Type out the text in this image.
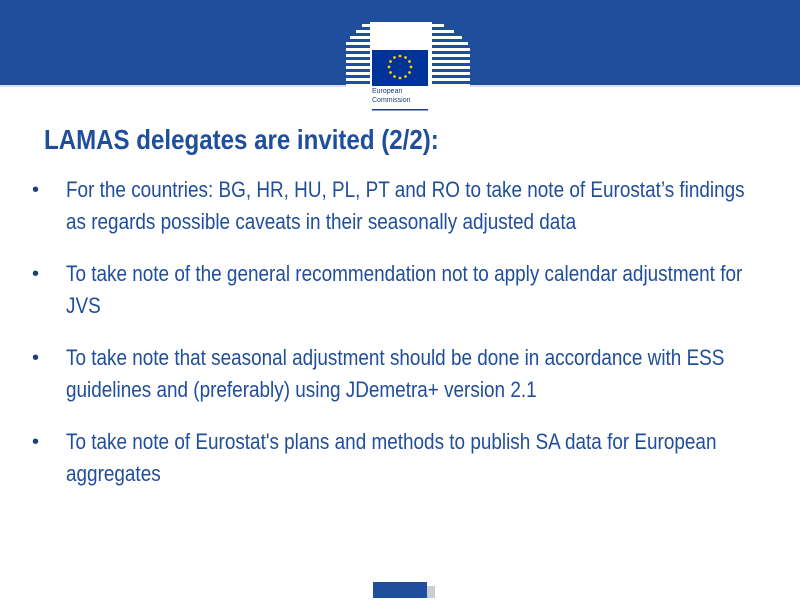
European
Commission
LAMAS delegates are invited (2/2):
• For the countries: BG, HR, HU, PL, PT and RO to take note of Eurostat’s findings as regards possible caveats in their seasonally adjusted data
• To take note of the general recommendation not to apply calendar adjustment for JVS
• To take note that seasonal adjustment should be done in accordance with ESS guidelines and (preferably) using JDemetra+ version 2.1
• To take note of Eurostat's plans and methods to publish SA data for European aggregates
